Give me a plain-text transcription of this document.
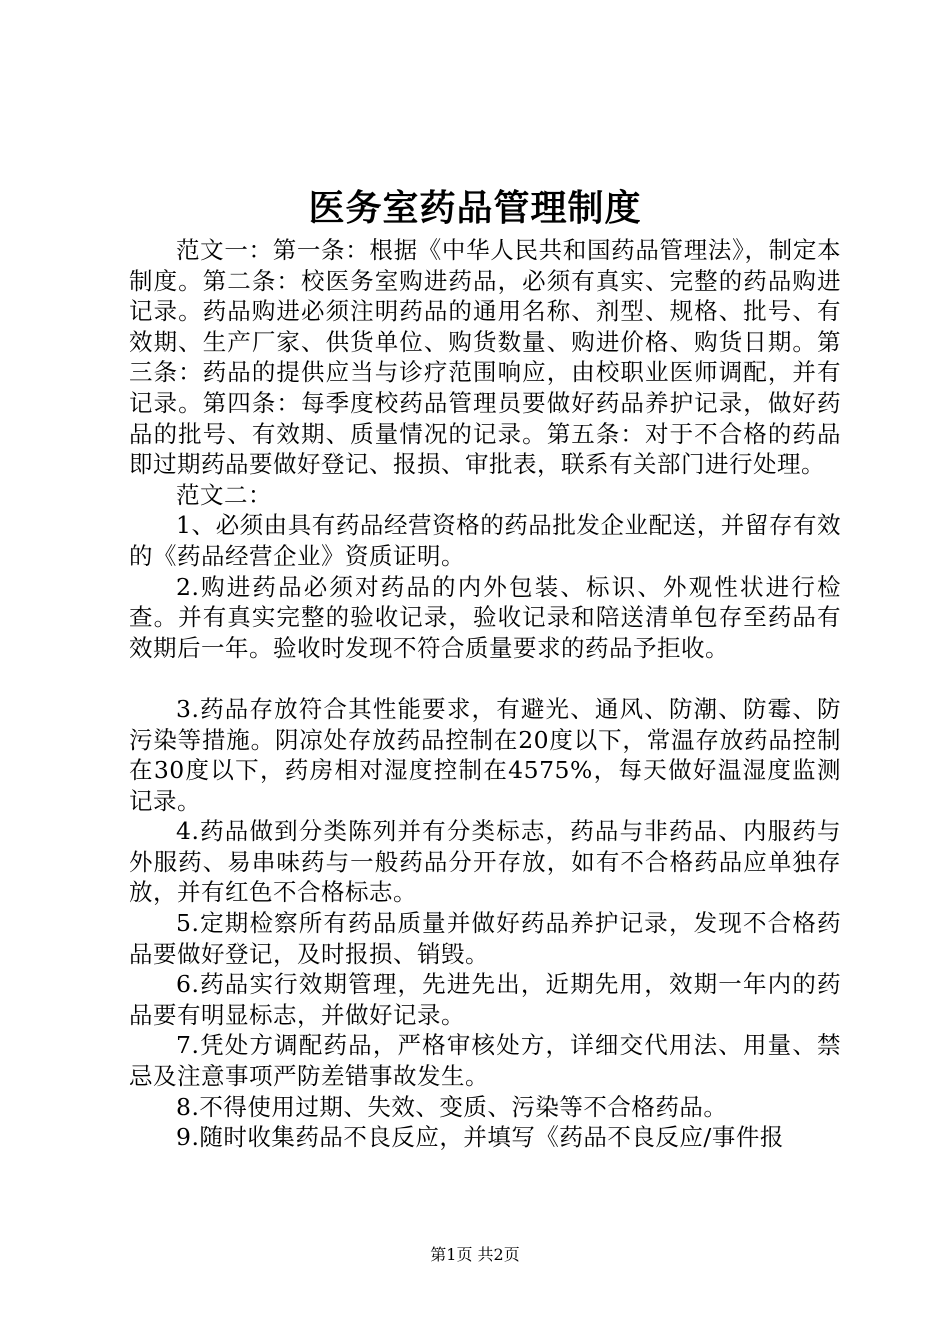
医务室药品管理制度

范文一：第一条：根据《中华人民共和国药品管理法》，制定本制度。第二条：校医务室购进药品，必须有真实、完整的药品购进记录。药品购进必须注明药品的通用名称、剂型、规格、批号、有效期、生产厂家、供货单位、购货数量、购进价格、购货日期。第三条：药品的提供应当与诊疗范围响应，由校职业医师调配，并有记录。第四条：每季度校药品管理员要做好药品养护记录，做好药品的批号、有效期、质量情况的记录。第五条：对于不合格的药品即过期药品要做好登记、报损、审批表，联系有关部门进行处理。

范文二：

1、必须由具有药品经营资格的药品批发企业配送，并留存有效的《药品经营企业》资质证明。

2.购进药品必须对药品的内外包装、标识、外观性状进行检查。并有真实完整的验收记录，验收记录和陪送清单包存至药品有效期后一年。验收时发现不符合质量要求的药品予拒收。

3.药品存放符合其性能要求，有避光、通风、防潮、防霉、防污染等措施。阴凉处存放药品控制在20度以下，常温存放药品控制在30度以下，药房相对湿度控制在4575%，每天做好温湿度监测记录。

4.药品做到分类陈列并有分类标志，药品与非药品、内服药与外服药、易串味药与一般药品分开存放，如有不合格药品应单独存放，并有红色不合格标志。

5.定期检察所有药品质量并做好药品养护记录，发现不合格药品要做好登记，及时报损、销毁。

6.药品实行效期管理，先进先出，近期先用，效期一年内的药品要有明显标志，并做好记录。

7.凭处方调配药品，严格审核处方，详细交代用法、用量、禁忌及注意事项严防差错事故发生。

8.不得使用过期、失效、变质、污染等不合格药品。

9.随时收集药品不良反应，并填写《药品不良反应/事件报

第1页 共2页
